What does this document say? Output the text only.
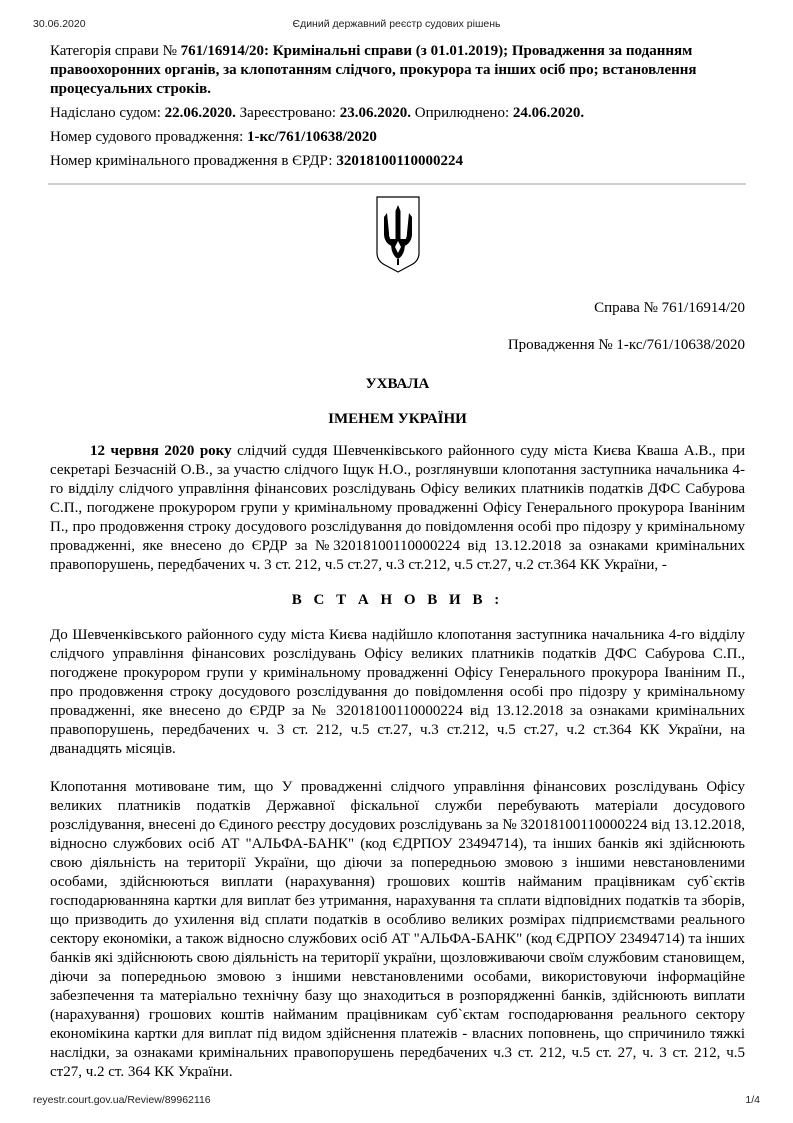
30.06.2020	Єдиний державний реєстр судових рішень

Категорія справи № 761/16914/20: Кримінальні справи (з 01.01.2019); Провадження за поданням правоохоронних органів, за клопотанням слідчого, прокурора та інших осіб про; встановлення процесуальних строків.

Надіслано судом: 22.06.2020. Зареєстровано: 23.06.2020. Оприлюднено: 24.06.2020.

Номер судового провадження: 1-кс/761/10638/2020

Номер кримінального провадження в ЄРДР: 32018100110000224

Справа № 761/16914/20

Провадження № 1-кс/761/10638/2020

УХВАЛА

ІМЕНЕМ УКРАЇНИ

12 червня 2020 року слідчий суддя Шевченківського районного суду міста Києва Кваша А.В., при секретарі Безчасній О.В., за участю слідчого Іщук Н.О., розглянувши клопотання заступника начальника 4-го відділу слідчого управління фінансових розслідувань Офісу великих платників податків ДФС Сабурова С.П., погоджене прокурором групи у кримінальному провадженні Офісу Генерального прокурора Іваніним П., про продовження строку досудового розслідування до повідомлення особі про підозру у кримінальному провадженні, яке внесено до ЄРДР за №32018100110000224 від 13.12.2018 за ознаками кримінальних правопорушень, передбачених ч. 3 ст. 212, ч.5 ст.27, ч.3 ст.212, ч.5 ст.27, ч.2 ст.364 КК України, -

В С Т А Н О В И В :

До Шевченківського районного суду міста Києва надійшло клопотання заступника начальника 4-го відділу слідчого управління фінансових розслідувань Офісу великих платників податків ДФС Сабурова С.П., погоджене прокурором групи у кримінальному провадженні Офісу Генерального прокурора Іваніним П., про продовження строку досудового розслідування до повідомлення особі про підозру у кримінальному провадженні, яке внесено до ЄРДР за № 32018100110000224 від 13.12.2018 за ознаками кримінальних правопорушень, передбачених ч. 3 ст. 212, ч.5 ст.27, ч.3 ст.212, ч.5 ст.27, ч.2 ст.364 КК України, на дванадцять місяців.

Клопотання мотивоване тим, що У провадженні слідчого управління фінансових розслідувань Офісу великих платників податків Державної фіскальної служби перебувають матеріали досудового розслідування, внесені до Єдиного реєстру досудових розслідувань за № 32018100110000224 від 13.12.2018, відносно службових осіб АТ "АЛЬФА-БАНК" (код ЄДРПОУ 23494714), та інших банків які здійснюють свою діяльність на території України, що діючи за попередньою змовою з іншими невстановленими особами, здійснюються виплати (нарахування) грошових коштів найманим працівникам суб`єктів господарюванняна картки для виплат без утримання, нарахування та сплати відповідних податків та зборів, що призводить до ухилення від сплати податків в особливо великих розмірах підприємствами реального сектору економіки, а також відносно службових осіб АТ "АЛЬФА-БАНК" (код ЄДРПОУ 23494714) та інших банків які здійснюють свою діяльність на території україни, щозловживаючи своїм службовим становищем, діючи за попередньою змовою з іншими невстановленими особами, використовуючи інформаційне забезпечення та матеріально технічну базу що знаходиться в розпорядженні банків, здійснюють виплати (нарахування) грошових коштів найманим працівникам суб`єктам господарювання реального сектору економікина картки для виплат під видом здійснення платежів - власних поповнень, що спричинило тяжкі наслідки, за ознаками кримінальних правопорушень передбачених ч.3 ст. 212, ч.5 ст. 27, ч. 3 ст. 212, ч.5 ст27, ч.2 ст. 364 КК України.

reyestr.court.gov.ua/Review/89962116	1/4
